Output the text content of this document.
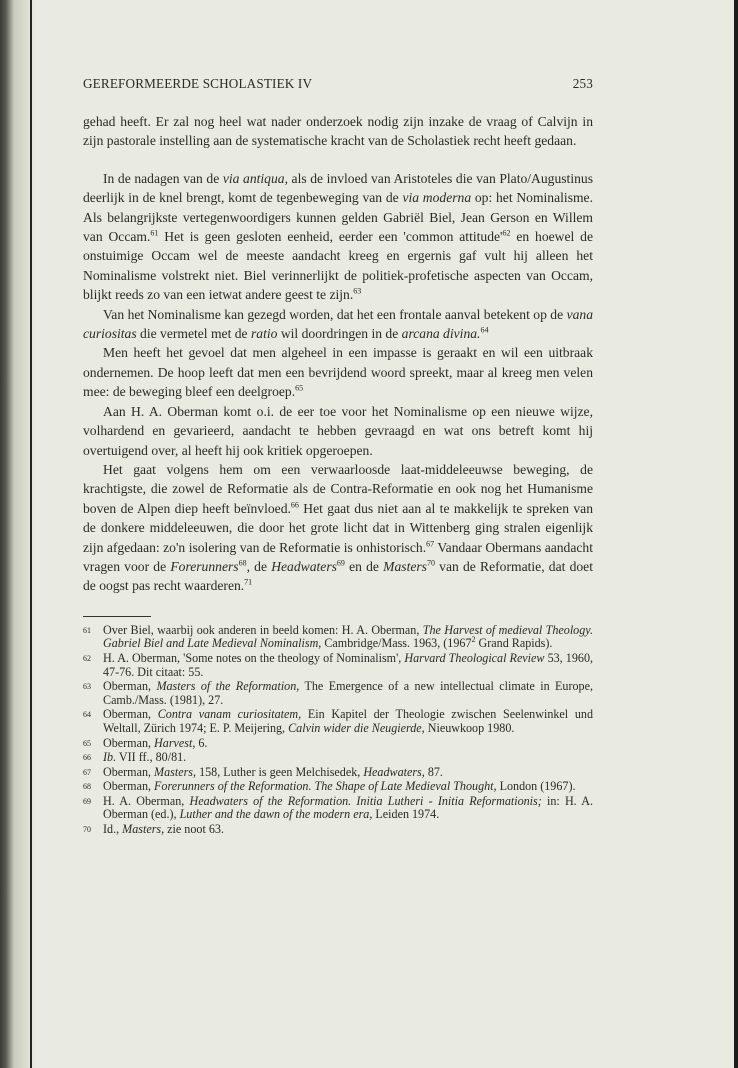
GEREFORMEERDE SCHOLASTIEK IV	253

gehad heeft. Er zal nog heel wat nader onderzoek nodig zijn inzake de vraag of Calvijn in zijn pastorale instelling aan de systematische kracht van de Scholastiek recht heeft gedaan.

In de nadagen van de via antiqua, als de invloed van Aristoteles die van Plato/Augustinus deerlijk in de knel brengt, komt de tegenbeweging van de via moderna op: het Nominalisme. Als belangrijkste vertegenwoordigers kunnen gelden Gabriël Biel, Jean Gerson en Willem van Occam.$^{61}$ Het is geen gesloten eenheid, eerder een 'common $attitude'^{62}$ en hoewel de onstuimige Occam wel de meeste aandacht kreeg en ergernis gaf vult hij alleen het Nominalisme volstrekt niet. Biel verinnerlijkt de politiek-profetische aspecten van Occam, blijkt reeds zo van een ietwat andere geest te zijn.$^{63}$

Van het Nominalisme kan gezegd worden, dat het een frontale aanval betekent op de vana curiositas die vermetel met de ratio wil doordringen in de arcana divina.$^{64}$

Men heeft het gevoel dat men algeheel in een impasse is geraakt en wil een uitbraak ondernemen. De hoop leeft dat men een bevrijdend woord spreekt, maar al kreeg men velen mee: de beweging bleef een deelgroep.$^{65}$

Aan H. A. Oberman komt o.i. de eer toe voor het Nominalisme op een nieuwe wijze, volhardend en gevarieerd, aandacht te hebben gevraagd en wat ons betreft komt hij overtuigend over, al heeft hij ook kritiek opgeroepen.

Het gaat volgens hem om een verwaarloosde laat-middeleeuwse beweging, de krachtigste, die zowel de Reformatie als de Contra-Reformatie en ook nog het Humanisme boven de Alpen diep heeft beïnvloed.$^{66}$ Het gaat dus niet aan al te makkelijk te spreken van de donkere middeleeuwen, die door het grote licht dat in Wittenberg ging stralen eigenlijk zijn afgedaan: zo'n isolering van de Reformatie is onhistorisch.$^{67}$ Vandaar Obermans aandacht vragen voor de Forerunners$^{68}$, de Headwaters$^{69}$ en de Masters$^{70}$ van de Reformatie, dat doet de oogst pas recht waarderen.$^{71}$

61 Over Biel, waarbij ook anderen in beeld komen: H. A. Oberman, The Harvest of medieval Theology. Gabriel Biel and Late Medieval Nominalism, Cambridge/Mass. 1963, (1967$^2$ Grand Rapids).
62 H. A. Oberman, 'Some notes on the theology of Nominalism', Harvard Theological Review 53, 1960, 47-76. Dit citaat: 55.
63 Oberman, Masters of the Reformation, The Emergence of a new intellectual climate in Europe, Camb./Mass. (1981), 27.
64 Oberman, Contra vanam curiositatem, Ein Kapitel der Theologie zwischen Seelenwinkel und Weltall, Zürich 1974; E. P. Meijering, Calvin wider die Neugierde, Nieuwkoop 1980.
65 Oberman, Harvest, 6.
66 Ib. VII ff., 80/81.
67 Oberman, Masters, 158, Luther is geen Melchisedek, Headwaters, 87.
68 Oberman, Forerunners of the Reformation. The Shape of Late Medieval Thought, London (1967).
69 H. A. Oberman, Headwaters of the Reformation. Initia Lutheri - Initia Reformationis; in: H. A. Oberman (ed.), Luther and the dawn of the modern era, Leiden 1974.
70 Id., Masters, zie noot 63.
